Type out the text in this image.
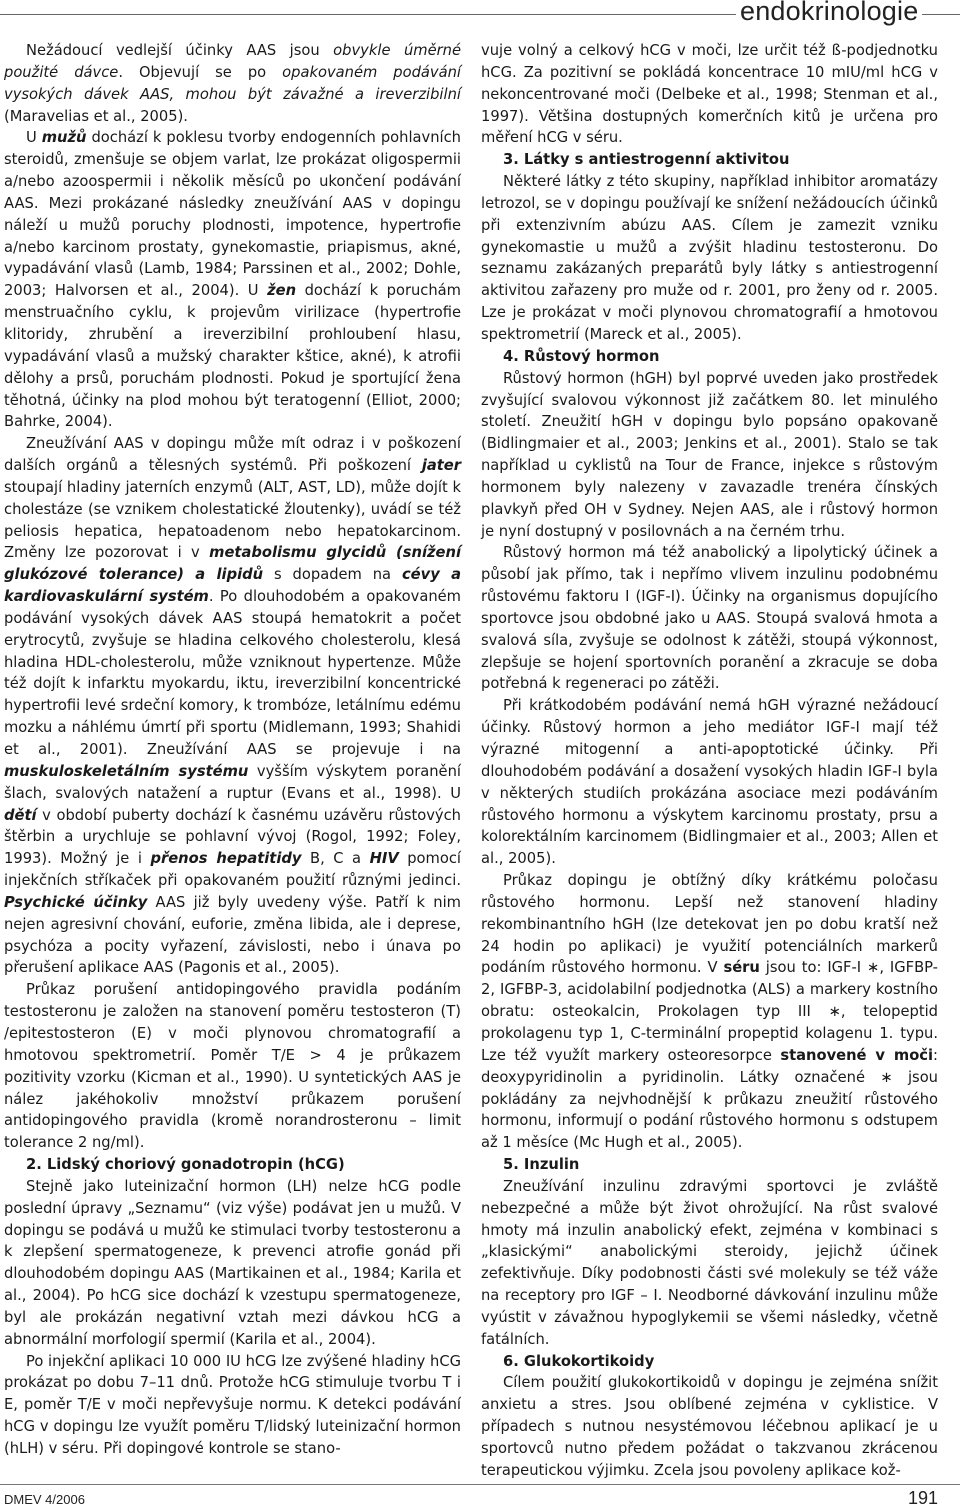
endokrinologie

Nežádoucí vedlejší účinky AAS jsou obvykle úměrné použité dávce. Objevují se po opakovaném podávání vysokých dávek AAS, mohou být závažné a ireverzibilní (Maravelias et al., 2005).

U mužů dochází k poklesu tvorby endogenních pohlavních steroidů, zmenšuje se objem varlat, lze prokázat oligospermii a/nebo azoospermii i několik měsíců po ukončení podávání AAS. Mezi prokázané následky zneužívání AAS v dopingu náleží u mužů poruchy plodnosti, impotence, hypertrofie a/nebo karcinom prostaty, gynekomastie, priapismus, akné, vypadávání vlasů (Lamb, 1984; Parssinen et al., 2002; Dohle, 2003; Halvorsen et al., 2004). U žen dochází k poruchám menstruačního cyklu, k projevům virilizace (hypertrofie klitoridy, zhrubění a ireverzibilní prohloubení hlasu, vypadávání vlasů a mužský charakter kštice, akné), k atrofii dělohy a prsů, poruchám plodnosti. Pokud je sportující žena těhotná, účinky na plod mohou být teratogenní (Elliot, 2000; Bahrke, 2004).

Zneužívání AAS v dopingu může mít odraz i v poškození dalších orgánů a tělesných systémů. Při poškození jater stoupají hladiny jaterních enzymů (ALT, AST, LD), může dojít k cholestáze (se vznikem cholestatické žloutenky), uvádí se též peliosis hepatica, hepatoadenom nebo hepatokarcinom. Změny lze pozorovat i v metabolismu glycidů (snížení glukózové tolerance) a lipidů s dopadem na cévy a kardiovaskulární systém. Po dlouhodobém a opakovaném podávání vysokých dávek AAS stoupá hematokrit a počet erytrocytů, zvyšuje se hladina celkového cholesterolu, klesá hladina HDL-cholesterolu, může vzniknout hypertenze. Může též dojít k infarktu myokardu, iktu, ireverzibilní koncentrické hypertrofii levé srdeční komory, k trombóze, letálnímu edému mozku a náhlému úmrtí při sportu (Midlemann, 1993; Shahidi et al., 2001). Zneužívání AAS se projevuje i na muskuloskeletálním systému vyšším výskytem poranění šlach, svalových natažení a ruptur (Evans et al., 1998). U dětí v období puberty dochází k časnému uzávěru růstových štěrbin a urychluje se pohlavní vývoj (Rogol, 1992; Foley, 1993). Možný je i přenos hepatitidy B, C a HIV pomocí injekčních stříkaček při opakovaném použití různými jedinci. Psychické účinky AAS již byly uvedeny výše. Patří k nim nejen agresivní chování, euforie, změna libida, ale i deprese, psychóza a pocity vyřazení, závislosti, nebo i únava po přerušení aplikace AAS (Pagonis et al., 2005).

Průkaz porušení antidopingového pravidla podáním testosteronu je založen na stanovení poměru testosteron (T) /epitestosteron (E) v moči plynovou chromatografií a hmotovou spektrometrií. Poměr T/E > 4 je průkazem pozitivity vzorku (Kicman et al., 1990). U syntetických AAS je nález jakéhokoliv množství průkazem porušení antidopingového pravidla (kromě norandrosteronu – limit tolerance 2 ng/ml).

2. Lidský choriový gonadotropin (hCG)

Stejně jako luteinizační hormon (LH) nelze hCG podle poslední úpravy „Seznamu“ (viz výše) podávat jen u mužů. V dopingu se podává u mužů ke stimulaci tvorby testosteronu a k zlepšení spermatogeneze, k prevenci atrofie gonád při dlouhodobém dopingu AAS (Martikainen et al., 1984; Karila et al., 2004). Po hCG sice dochází k vzestupu spermatogeneze, byl ale prokázán negativní vztah mezi dávkou hCG a abnormální morfologií spermií (Karila et al., 2004).

Po injekční aplikaci 10 000 IU hCG lze zvýšené hladiny hCG prokázat po dobu 7–11 dnů. Protože hCG stimuluje tvorbu T i E, poměr T/E v moči nepřevyšuje normu. K detekci podávání hCG v dopingu lze využít poměru T/lidský luteinizační hormon (hLH) v séru. Při dopingové kontrole se stano-

vuje volný a celkový hCG v moči, lze určit též ß-podjednotku hCG. Za pozitivní se pokládá koncentrace 10 mIU/ml hCG v nekoncentrované moči (Delbeke et al., 1998; Stenman et al., 1997). Většina dostupných komerčních kitů je určena pro měření hCG v séru.

3. Látky s antiestrogenní aktivitou

Některé látky z této skupiny, například inhibitor aromatázy letrozol, se v dopingu používají ke snížení nežádoucích účinků při extenzivním abúzu AAS. Cílem je zamezit vzniku gynekomastie u mužů a zvýšit hladinu testosteronu. Do seznamu zakázaných preparátů byly látky s antiestrogenní aktivitou zařazeny pro muže od r. 2001, pro ženy od r. 2005. Lze je prokázat v moči plynovou chromatografií a hmotovou spektrometrií (Mareck et al., 2005).

4. Růstový hormon

Růstový hormon (hGH) byl poprvé uveden jako prostředek zvyšující svalovou výkonnost již začátkem 80. let minulého století. Zneužití hGH v dopingu bylo popsáno opakovaně (Bidlingmaier et al., 2003; Jenkins et al., 2001). Stalo se tak například u cyklistů na Tour de France, injekce s růstovým hormonem byly nalezeny v zavazadle trenéra čínských plavkyň před OH v Sydney. Nejen AAS, ale i růstový hormon je nyní dostupný v posilovnách a na černém trhu.

Růstový hormon má též anabolický a lipolytický účinek a působí jak přímo, tak i nepřímo vlivem inzulinu podobnému růstovému faktoru I (IGF-I). Účinky na organismus dopujícího sportovce jsou obdobné jako u AAS. Stoupá svalová hmota a svalová síla, zvyšuje se odolnost k zátěži, stoupá výkonnost, zlepšuje se hojení sportovních poranění a zkracuje se doba potřebná k regeneraci po zátěži.

Při krátkodobém podávání nemá hGH výrazné nežádoucí účinky. Růstový hormon a jeho mediátor IGF-I mají též výrazné mitogenní a anti-apoptotické účinky. Při dlouhodobém podávání a dosažení vysokých hladin IGF-I byla v některých studiích prokázána asociace mezi podáváním růstového hormonu a výskytem karcinomu prostaty, prsu a kolorektálním karcinomem (Bidlingmaier et al., 2003; Allen et al., 2005).

Průkaz dopingu je obtížný díky krátkému poločasu růstového hormonu. Lepší než stanovení hladiny rekombinantního hGH (lze detekovat jen po dobu kratší než 24 hodin po aplikaci) je využití potenciálních markerů podáním růstového hormonu. V séru jsou to: IGF-I ∗, IGFBP-2, IGFBP-3, acidolabilní podjednotka (ALS) a markery kostního obratu: osteokalcin, Prokolagen typ III ∗, telopeptid prokolagenu typ 1, C-terminální propeptid kolagenu 1. typu. Lze též využít markery osteoresorpce stanovené v moči: deoxypyridinolin a pyridinolin. Látky označené ∗ jsou pokládány za nejvhodnější k průkazu zneužití růstového hormonu, informují o podání růstového hormonu s odstupem až 1 měsíce (Mc Hugh et al., 2005).

5. Inzulin

Zneužívání inzulinu zdravými sportovci je zvláště nebezpečné a může být život ohrožující. Na růst svalové hmoty má inzulin anabolický efekt, zejména v kombinaci s „klasickými“ anabolickými steroidy, jejichž účinek zefektivňuje. Díky podobnosti části své molekuly se též váže na receptory pro IGF – I. Neodborné dávkování inzulinu může vyústit v závažnou hypoglykemii se všemi následky, včetně fatálních.

6. Glukokortikoidy

Cílem použití glukokortikoidů v dopingu je zejména snížit anxietu a stres. Jsou oblíbené zejména v cyklistice. V případech s nutnou nesystémovou léčebnou aplikací je u sportovců nutno předem požádat o takzvanou zkrácenou terapeutickou výjimku. Zcela jsou povoleny aplikace kož-

DMEV 4/2006	191
